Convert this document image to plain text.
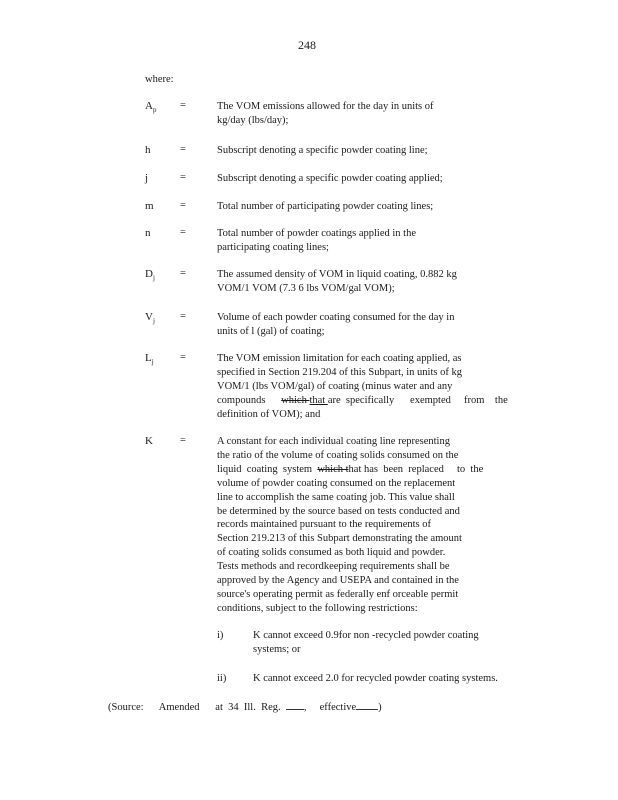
248
where:
$A_p$ =	The VOM emissions allowed for the day in units of
kg/day (lbs/day);
h	=	Subscript denoting a specific powder coating line;
j	=	Subscript denoting a specific powder coating applied;
m	=	Total number of participating powder coating lines;
n	=	Total number of powder coatings applied in the
participating coating lines;
$D_j$ =	The assumed density of VOM in liquid coating, 0.882 kg
VOM/1 VOM (7.3 6 lbs VOM/gal VOM);
$V_j$ =	Volume of each powder coating consumed for the day in
units of l (gal) of coating;
$L_j$	=	The VOM emission limitation for each coating applied, as
specified in Section 219.204 of this Subpart, in units of kg
VOM/1 (lbs VOM/gal) of coating (minus water and any
compounds      which that are  specifically      exempted     from    the
definition of VOM); and
K	=	A constant for each individual coating line representing
the ratio of the volume of coating solids consumed on the
liquid  coating  system which that has  been  replaced     to  the
volume of powder coating consumed on the replacement
line to accomplish the same coating job. This value shall
be determined by the source based on tests conducted and
records maintained pursuant to the requirements of
Section 219.213 of this Subpart demonstrating the amount
of coating solids consumed as both liquid and powder.
Tests methods and recordkeeping requirements shall be
approved by the Agency and USEPA and contained in the
source's operating permit as federally enf orceable permit
conditions, subject to the following restrictions:
i)	K cannot exceed 0.9for non -recycled powder coating
systems; or
ii)	K cannot exceed 2.0 for recycled powder coating systems.
(Source:      Amended      at  34  Ill.  Reg. ,     effective )
